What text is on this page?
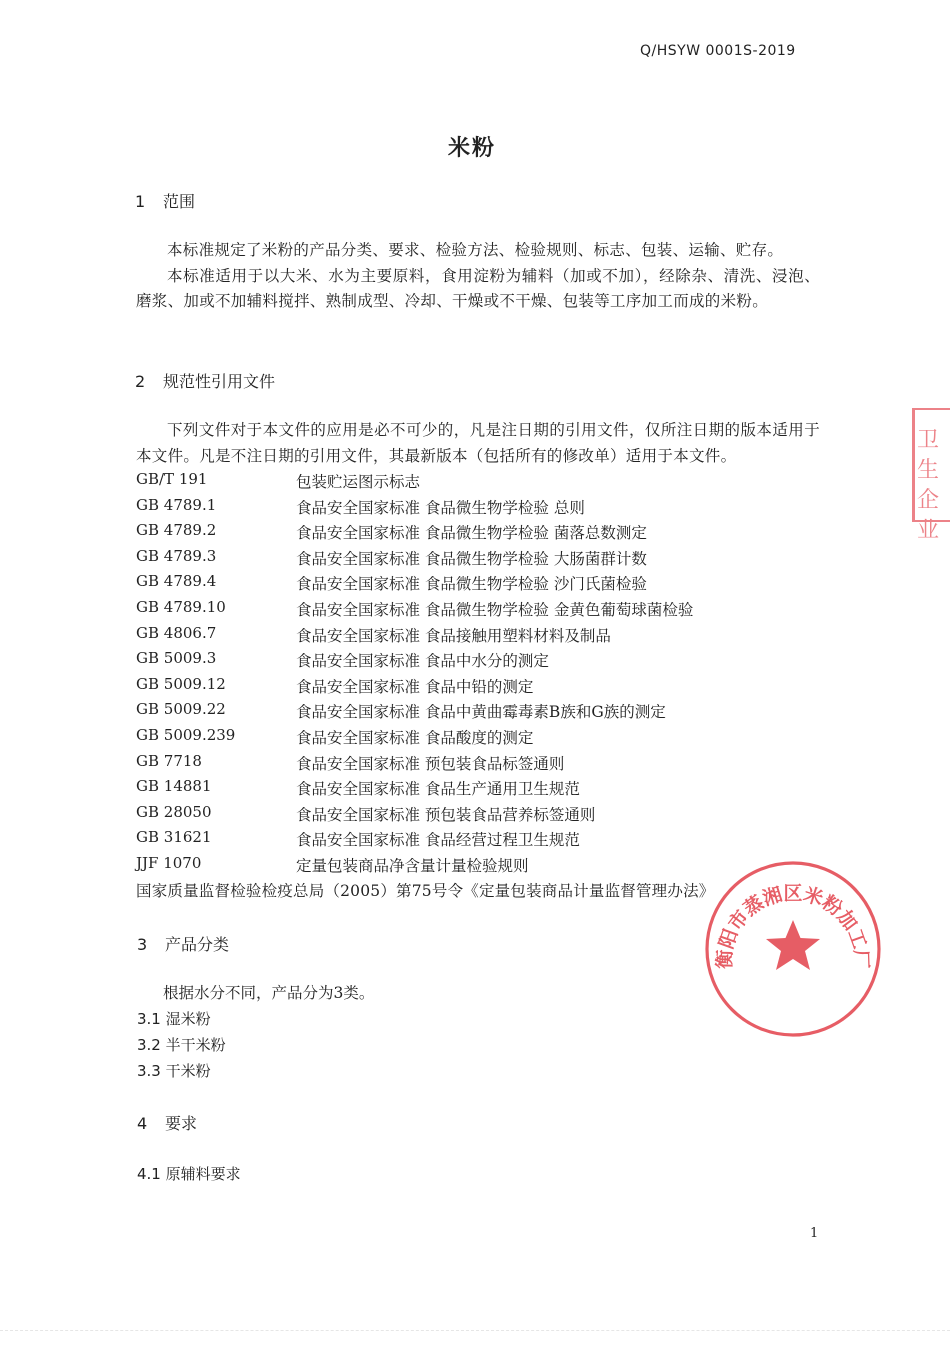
Q/HSYW 0001S-2019
米粉
1 范围

本标准规定了米粉的产品分类、要求、检验方法、检验规则、标志、包装、运输、贮存。

本标准适用于以大米、水为主要原料，食用淀粉为辅料（加或不加），经除杂、清洗、浸泡、磨浆、加或不加辅料搅拌、熟制成型、冷却、干燥或不干燥、包装等工序加工而成的米粉。

2 规范性引用文件

下列文件对于本文件的应用是必不可少的，凡是注日期的引用文件，仅所注日期的版本适用于本文件。凡是不注日期的引用文件，其最新版本（包括所有的修改单）适用于本文件。

GB/T 191	包装贮运图示标志
GB 4789.1	食品安全国家标准 食品微生物学检验 总则
GB 4789.2	食品安全国家标准 食品微生物学检验 菌落总数测定
GB 4789.3	食品安全国家标准 食品微生物学检验 大肠菌群计数
GB 4789.4	食品安全国家标准 食品微生物学检验 沙门氏菌检验
GB 4789.10	食品安全国家标准 食品微生物学检验 金黄色葡萄球菌检验
GB 4806.7	食品安全国家标准 食品接触用塑料材料及制品
GB 5009.3	食品安全国家标准 食品中水分的测定
GB 5009.12	食品安全国家标准 食品中铅的测定
GB 5009.22	食品安全国家标准 食品中黄曲霉毒素B族和G族的测定
GB 5009.239	食品安全国家标准 食品酸度的测定
GB 7718	食品安全国家标准 预包装食品标签通则
GB 14881	食品安全国家标准 食品生产通用卫生规范
GB 28050	食品安全国家标准 预包装食品营养标签通则
GB 31621	食品安全国家标准 食品经营过程卫生规范
JJF 1070	定量包装商品净含量计量检验规则
国家质量监督检验检疫总局（2005）第75号令《定量包装商品计量监督管理办法》
3 产品分类
根据水分不同，产品分为3类。
3.1 湿米粉
3.2 半干米粉
3.3 干米粉
4 要求
4.1 原辅料要求
1
衡阳市蒸湘区米粉加工厂
卫生
企业
